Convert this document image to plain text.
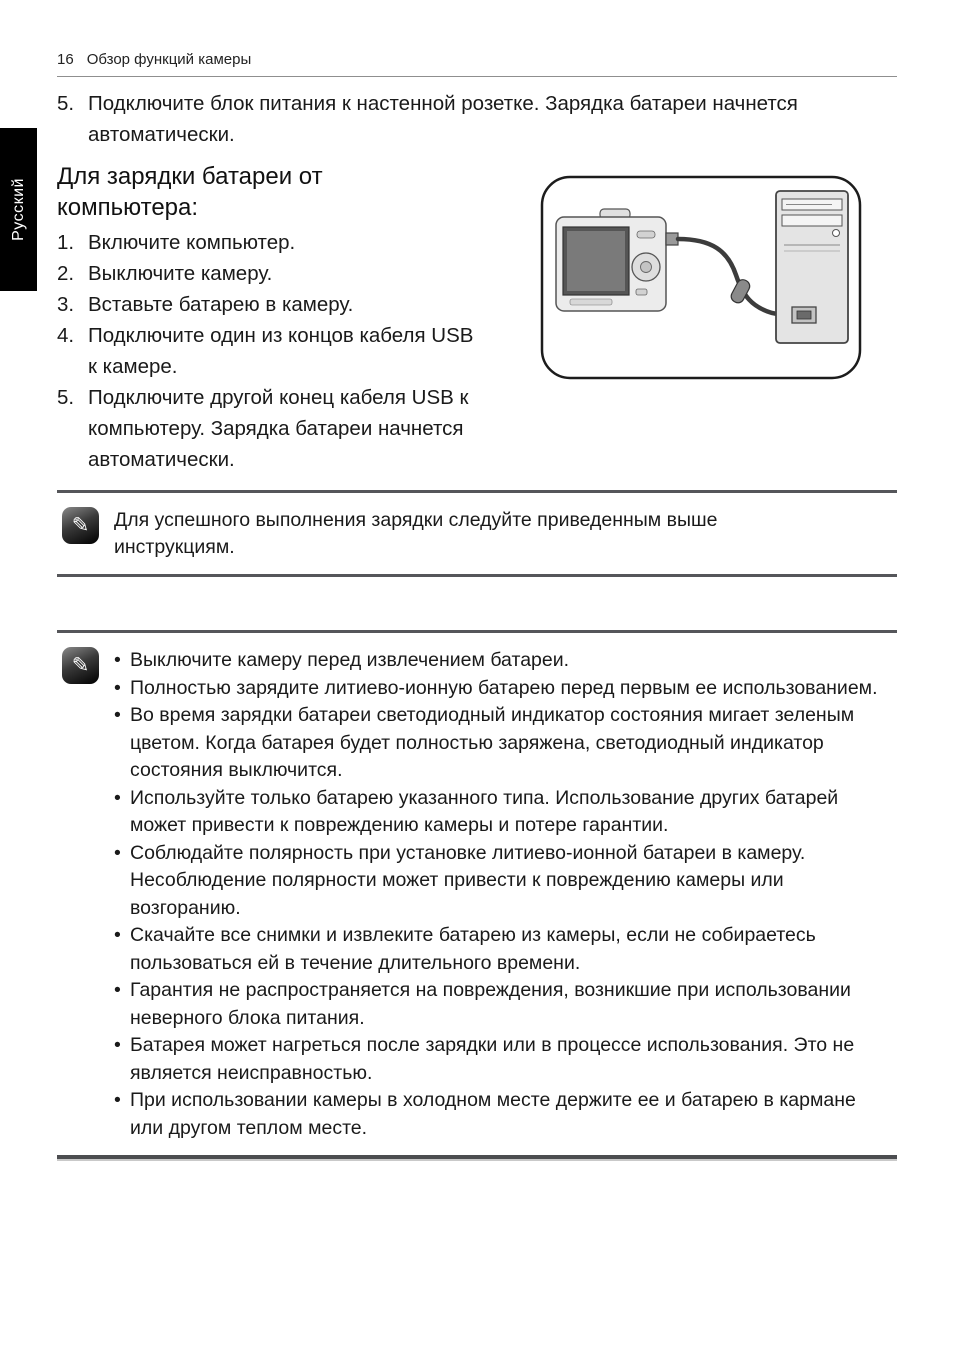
16 Обзор функций камеры
Русский
5. Подключите блок питания к настенной розетке. Зарядка батареи начнется автоматически.
Для зарядки батареи от компьютера:
1. Включите компьютер.
2. Выключите камеру.
3. Вставьте батарею в камеру.
4. Подключите один из концов кабеля USB к камере.
5. Подключите другой конец кабеля USB к компьютеру. Зарядка батареи начнется автоматически.
✎ Для успешного выполнения зарядки следуйте приведенным выше инструкциям.
✎ • Выключите камеру перед извлечением батареи.
• Полностью зарядите литиево-ионную батарею перед первым ее использованием.
• Во время зарядки батареи светодиодный индикатор состояния мигает зеленым цветом. Когда батарея будет полностью заряжена, светодиодный индикатор состояния выключится.
• Используйте только батарею указанного типа. Использование других батарей может привести к повреждению камеры и потере гарантии.
• Соблюдайте полярность при установке литиево-ионной батареи в камеру. Несоблюдение полярности может привести к повреждению камеры или возгоранию.
• Скачайте все снимки и извлеките батарею из камеры, если не собираетесь пользоваться ей в течение длительного времени.
• Гарантия не распространяется на повреждения, возникшие при использовании неверного блока питания.
• Батарея может нагреться после зарядки или в процессе использования. Это не является неисправностью.
• При использовании камеры в холодном месте держите ее и батарею в кармане или другом теплом месте.
